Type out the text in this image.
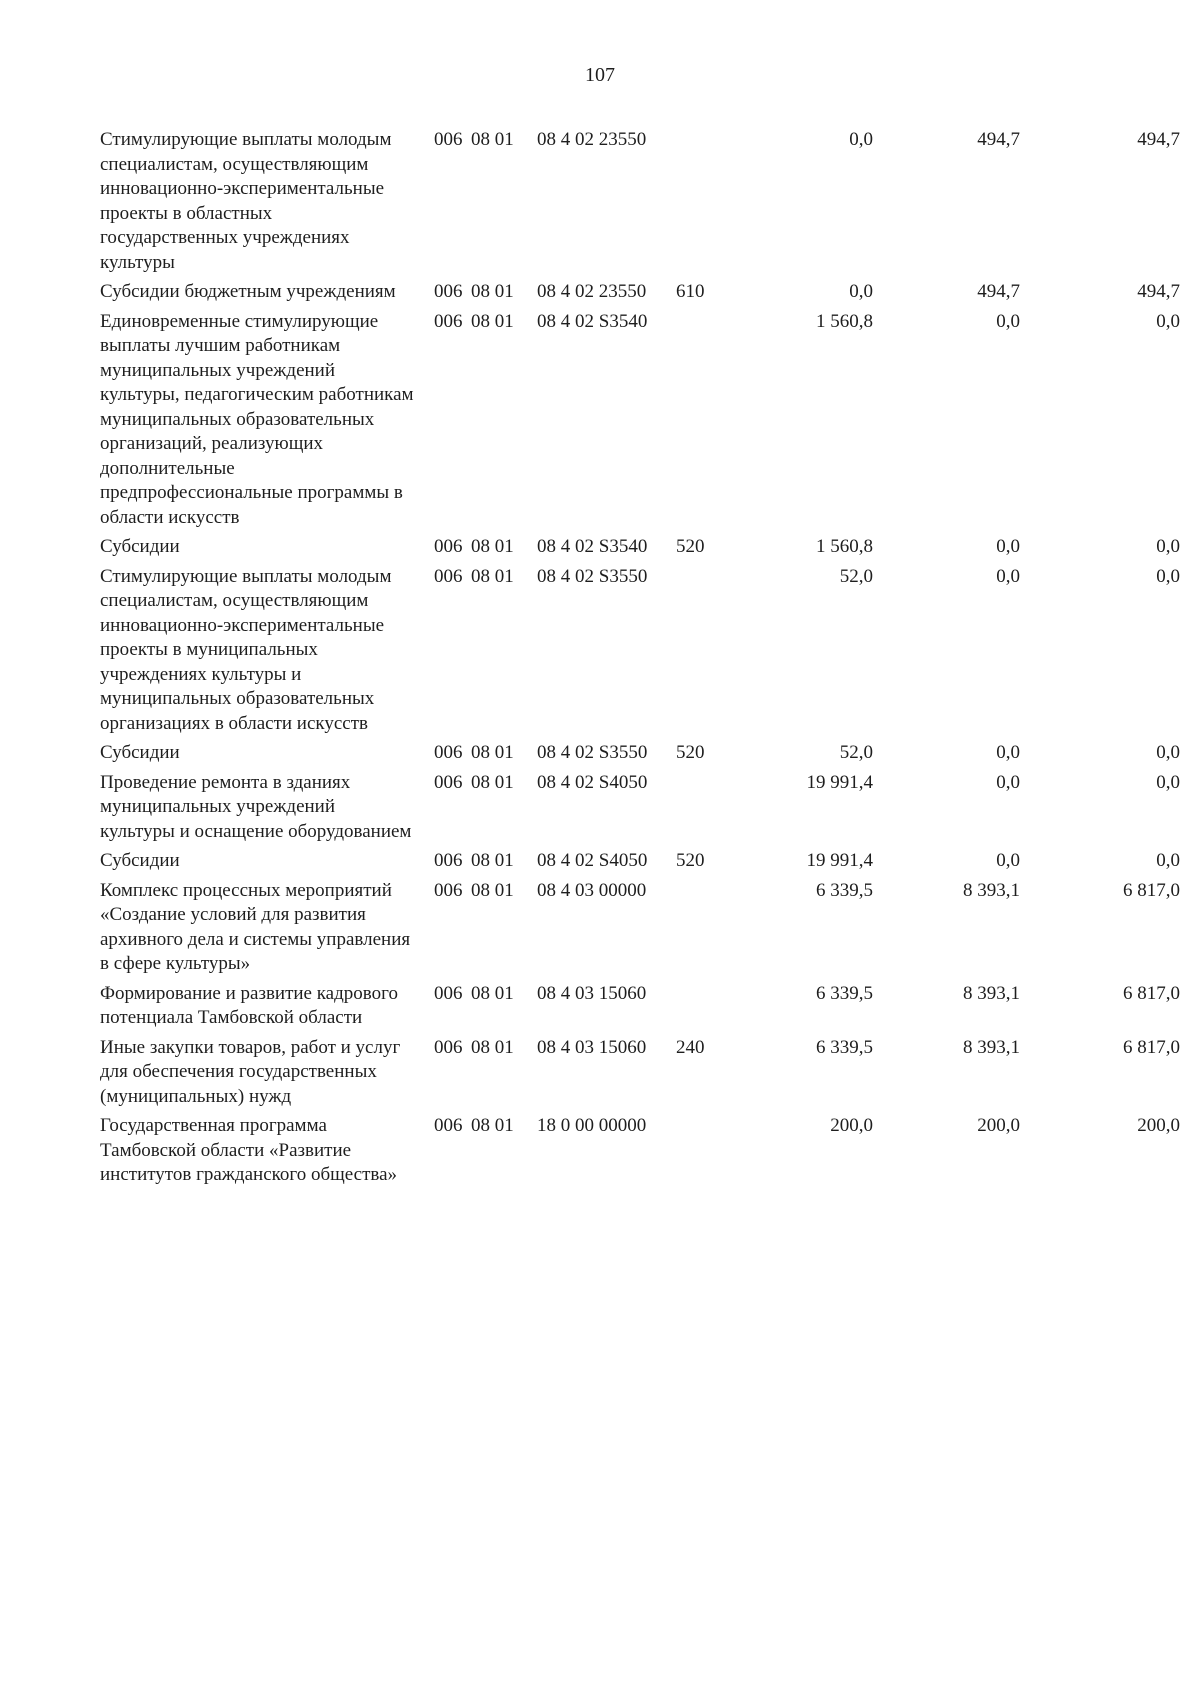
107
Стимулирующие выплаты молодым специалистам, осуществляющим инновационно-экспериментальные проекты в областных государственных учреждениях культуры	006	08 01	08 4 02 23550		0,0	494,7	494,7
Субсидии бюджетным учреждениям	006	08 01	08 4 02 23550	610	0,0	494,7	494,7
Единовременные стимулирующие выплаты лучшим работникам муниципальных учреждений культуры, педагогическим работникам муниципальных образовательных организаций, реализующих дополнительные предпрофессиональные программы в области искусств	006	08 01	08 4 02 S3540		1 560,8	0,0	0,0
Субсидии	006	08 01	08 4 02 S3540	520	1 560,8	0,0	0,0
Стимулирующие выплаты молодым специалистам, осуществляющим инновационно-экспериментальные проекты в муниципальных учреждениях культуры и муниципальных образовательных организациях в области искусств	006	08 01	08 4 02 S3550		52,0	0,0	0,0
Субсидии	006	08 01	08 4 02 S3550	520	52,0	0,0	0,0
Проведение ремонта в зданиях муниципальных учреждений культуры и оснащение оборудованием	006	08 01	08 4 02 S4050		19 991,4	0,0	0,0
Субсидии	006	08 01	08 4 02 S4050	520	19 991,4	0,0	0,0
Комплекс процессных мероприятий «Создание условий для развития архивного дела и системы управления в сфере культуры»	006	08 01	08 4 03 00000		6 339,5	8 393,1	6 817,0
Формирование и развитие кадрового потенциала Тамбовской области	006	08 01	08 4 03 15060		6 339,5	8 393,1	6 817,0
Иные закупки товаров, работ и услуг для обеспечения государственных (муниципальных) нужд	006	08 01	08 4 03 15060	240	6 339,5	8 393,1	6 817,0
Государственная программа Тамбовской области «Развитие институтов гражданского общества»	006	08 01	18 0 00 00000		200,0	200,0	200,0
